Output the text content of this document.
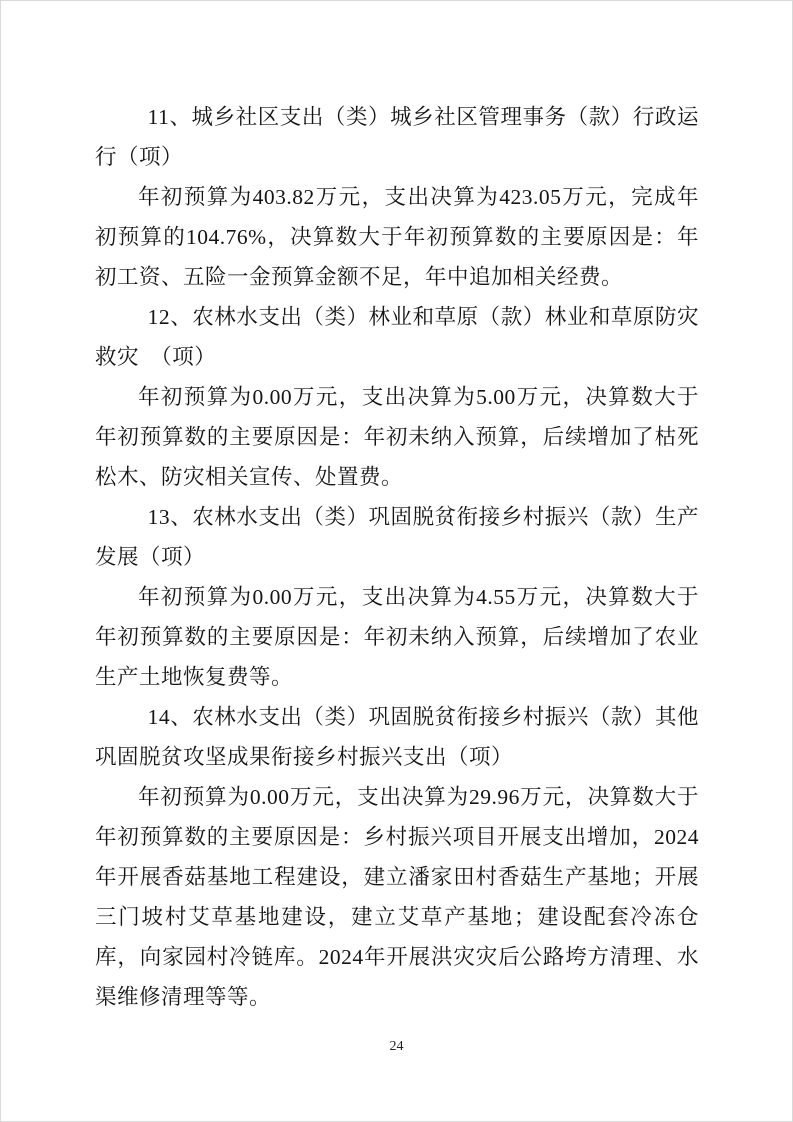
11、城乡社区支出（类）城乡社区管理事务（款）行政运行（项）

年初预算为403.82万元，支出决算为423.05万元，完成年初预算的104.76%，决算数大于年初预算数的主要原因是：年初工资、五险一金预算金额不足，年中追加相关经费。

12、农林水支出（类）林业和草原（款）林业和草原防灾救灾　（项）

年初预算为0.00万元，支出决算为5.00万元，决算数大于年初预算数的主要原因是：年初未纳入预算，后续增加了枯死松木、防灾相关宣传、处置费。

13、农林水支出（类）巩固脱贫衔接乡村振兴（款）生产发展（项）

年初预算为0.00万元，支出决算为4.55万元，决算数大于年初预算数的主要原因是：年初未纳入预算，后续增加了农业生产土地恢复费等。

14、农林水支出（类）巩固脱贫衔接乡村振兴（款）其他巩固脱贫攻坚成果衔接乡村振兴支出（项）

年初预算为0.00万元，支出决算为29.96万元，决算数大于年初预算数的主要原因是：乡村振兴项目开展支出增加，2024年开展香菇基地工程建设，建立潘家田村香菇生产基地；开展三门坡村艾草基地建设，建立艾草产基地；建设配套冷冻仓库，向家园村冷链库。2024年开展洪灾灾后公路垮方清理、水渠维修清理等等。

24
